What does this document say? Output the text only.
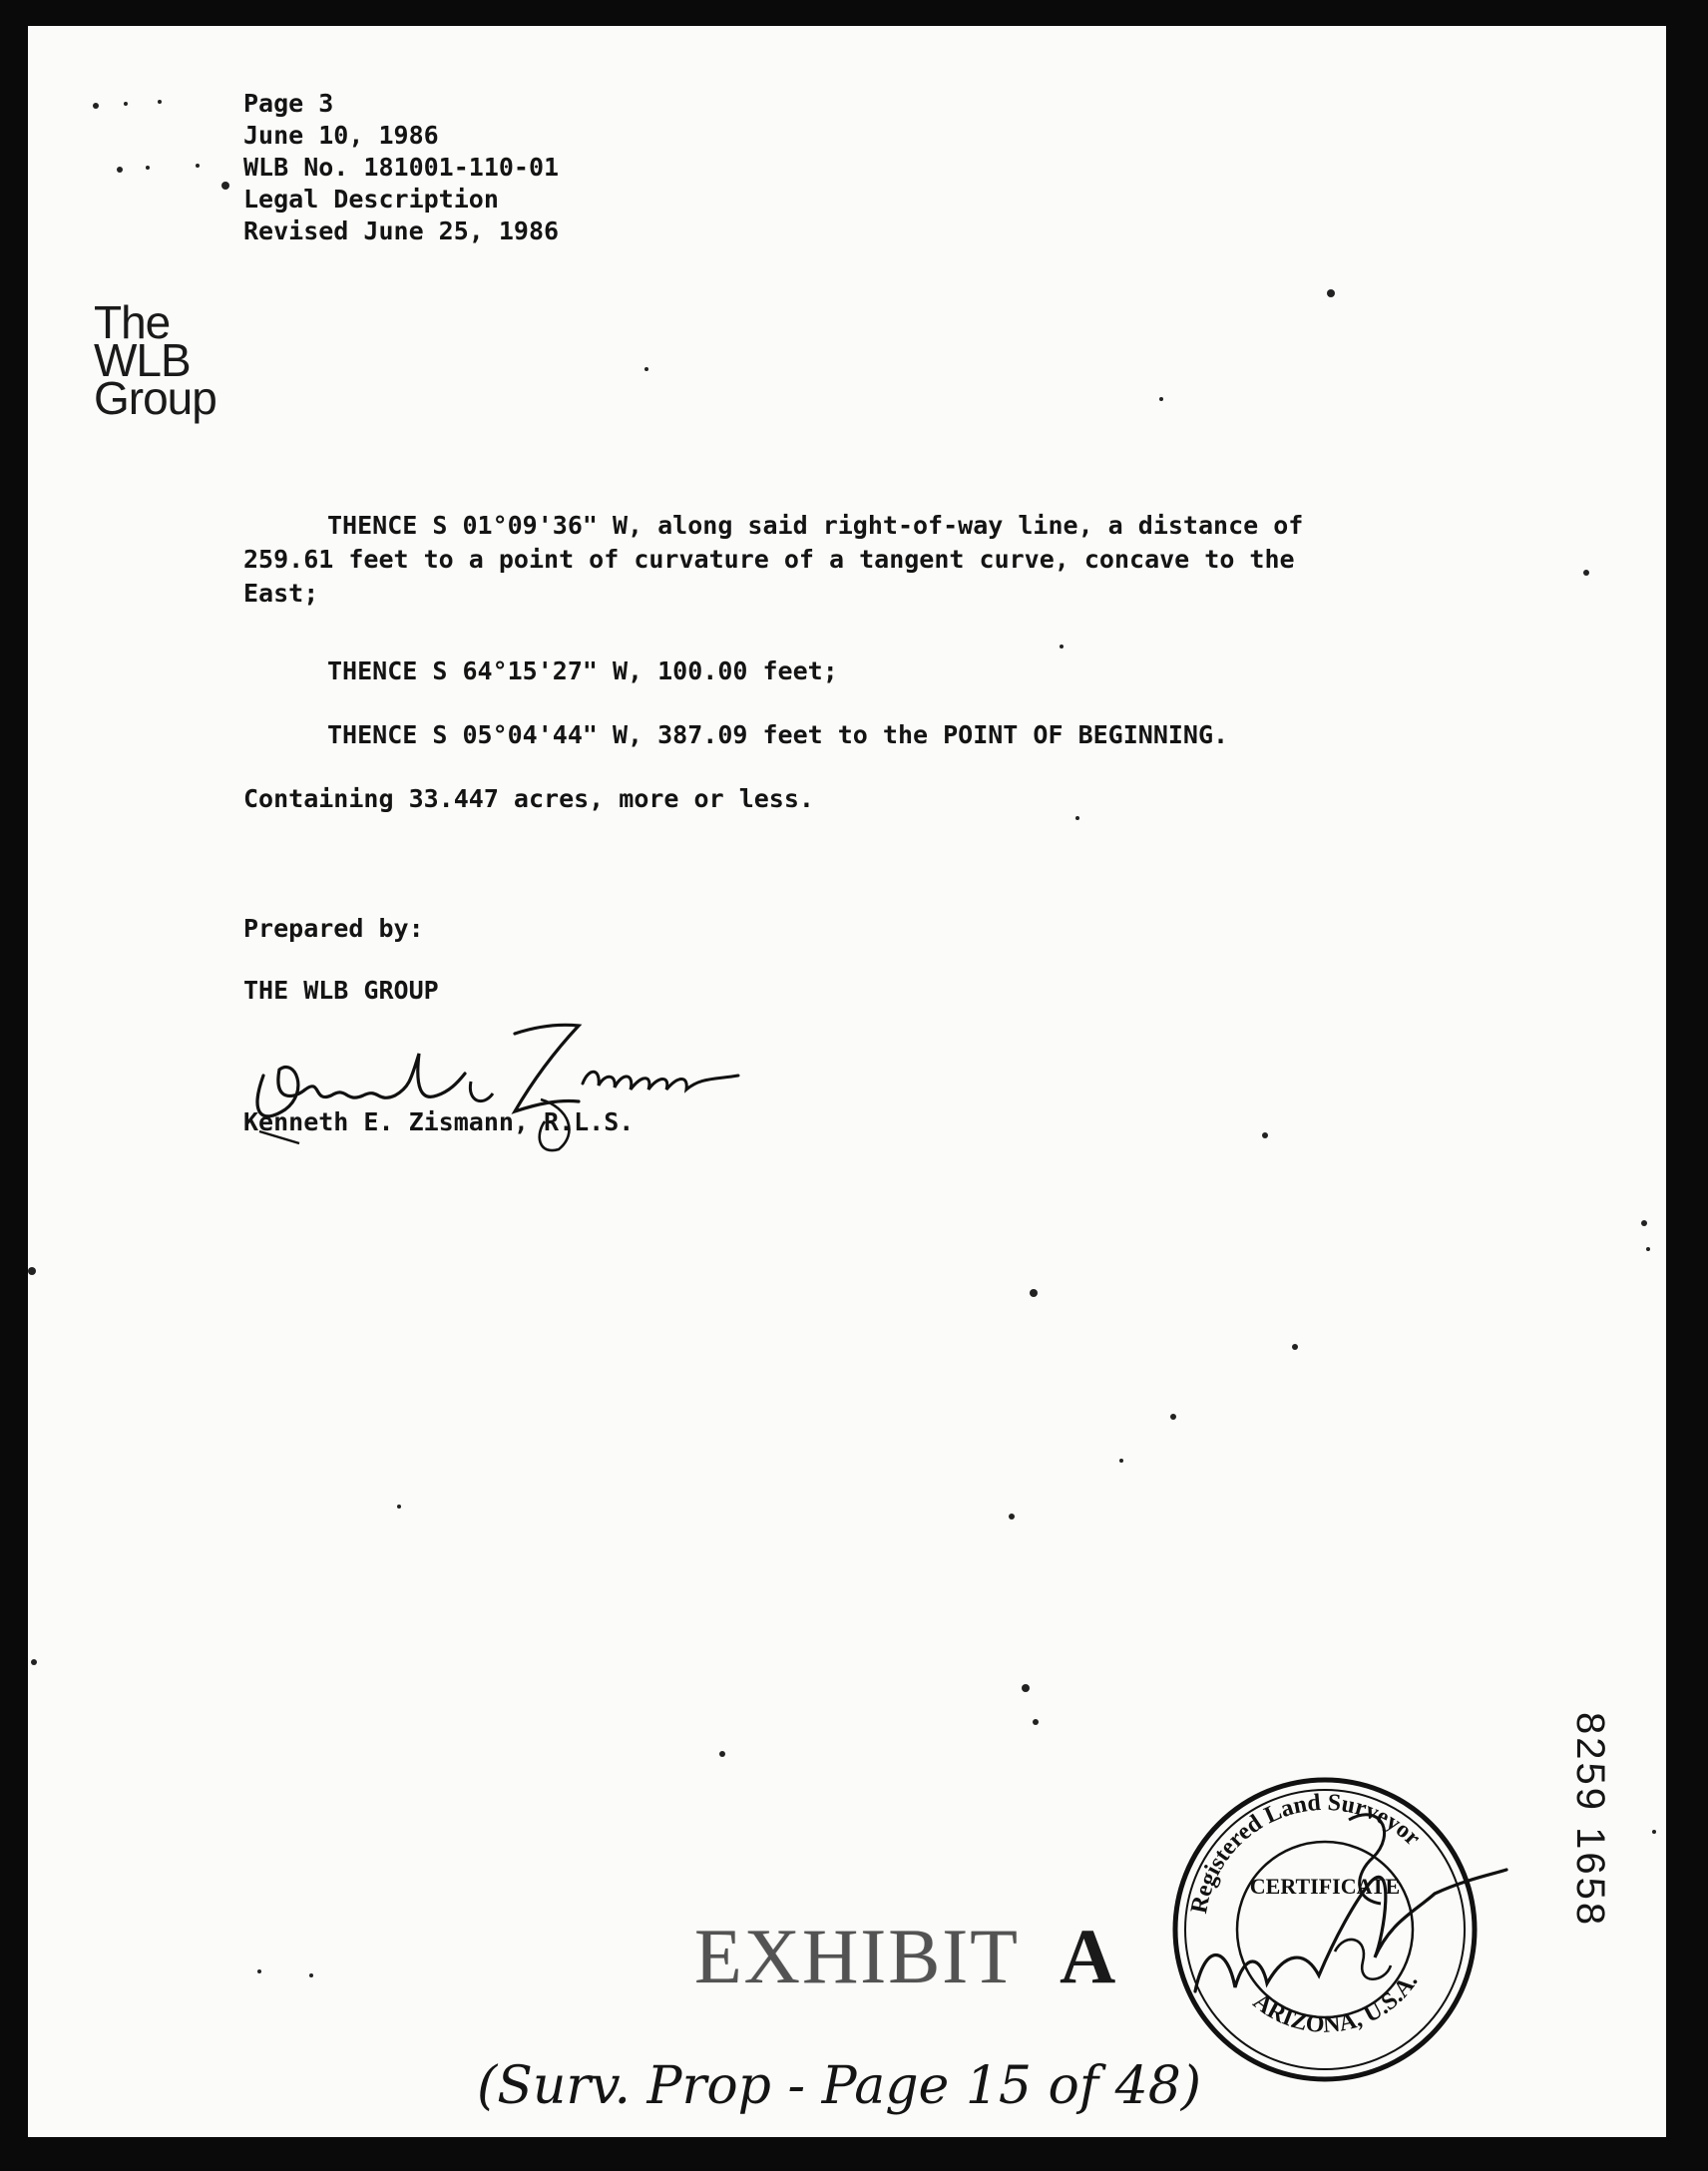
Page 3
June 10, 1986
WLB No. 181001-110-01
Legal Description
Revised June 25, 1986
The
WLB
Group
THENCE S 01°09'36" W, along said right-of-way line, a distance of
259.61 feet to a point of curvature of a tangent curve, concave to the
East;
THENCE S 64°15'27" W, 100.00 feet;
THENCE S 05°04'44" W, 387.09 feet to the POINT OF BEGINNING.
Containing 33.447 acres, more or less.
Prepared by:
THE WLB GROUP
Kenneth E. Zismann, R.L.S.
EXHIBIT A
8259 1658
Registered Land Surveyor
ARIZONA, U.S.A.
CERTIFICATE
(Surv. Prop - Page 15 of 48)
